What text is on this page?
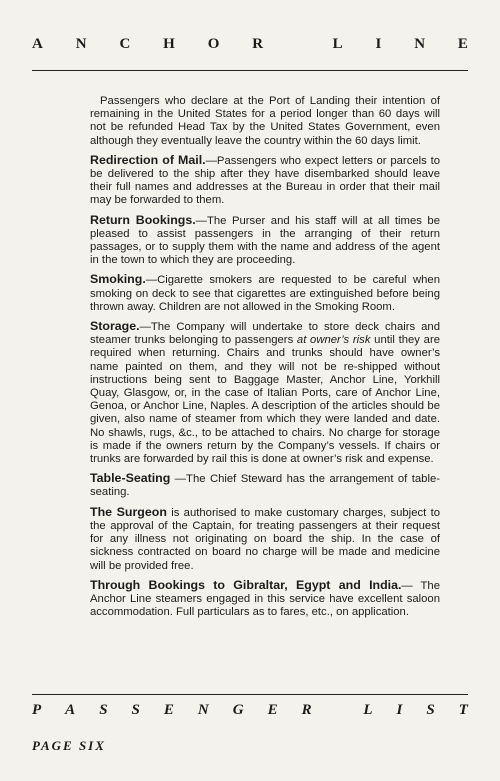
A N C H O R
	L I N E

Passengers who declare at the Port of Landing their intention of remaining in the United States for a period longer than 60 days will not be refunded Head Tax by the United States Government, even although they eventually leave the country within the 60 days limit.

Redirection of Mail.—Passengers who expect letters or parcels to be delivered to the ship after they have disembarked should leave their full names and addresses at the Bureau in order that their mail may be forwarded to them.

Return Bookings.—The Purser and his staff will at all times be pleased to assist passengers in the arranging of their return passages, or to supply them with the name and address of the agent in the town to which they are proceeding.

Smoking.—Cigarette smokers are requested to be careful when smoking on deck to see that cigarettes are extinguished before being thrown away. Children are not allowed in the Smoking Room.

Storage.—The Company will undertake to store deck chairs and steamer trunks belonging to passengers at owner’s risk until they are required when returning. Chairs and trunks should have owner’s name painted on them, and they will not be re-shipped without instructions being sent to Baggage Master, Anchor Line, Yorkhill Quay, Glasgow, or, in the case of Italian Ports, care of Anchor Line, Genoa, or Anchor Line, Naples. A description of the articles should be given, also name of steamer from which they were landed and date. No shawls, rugs, &c., to be attached to chairs. No charge for storage is made if the owners return by the Company’s vessels. If chairs or trunks are forwarded by rail this is done at owner’s risk and expense.

Table-Seating —The Chief Steward has the arrangement of table-seating.

The Surgeon is authorised to make customary charges, subject to the approval of the Captain, for treating passengers at their request for any illness not originating on board the ship. In the case of sickness contracted on board no charge will be made and medicine will be provided free.

Through Bookings to Gibraltar, Egypt and India.— The Anchor Line steamers engaged in this service have excellent saloon accommodation. Full particulars as to fares, etc., on application.

P A S S E N G E R
	L I S T
PAGE SIX
